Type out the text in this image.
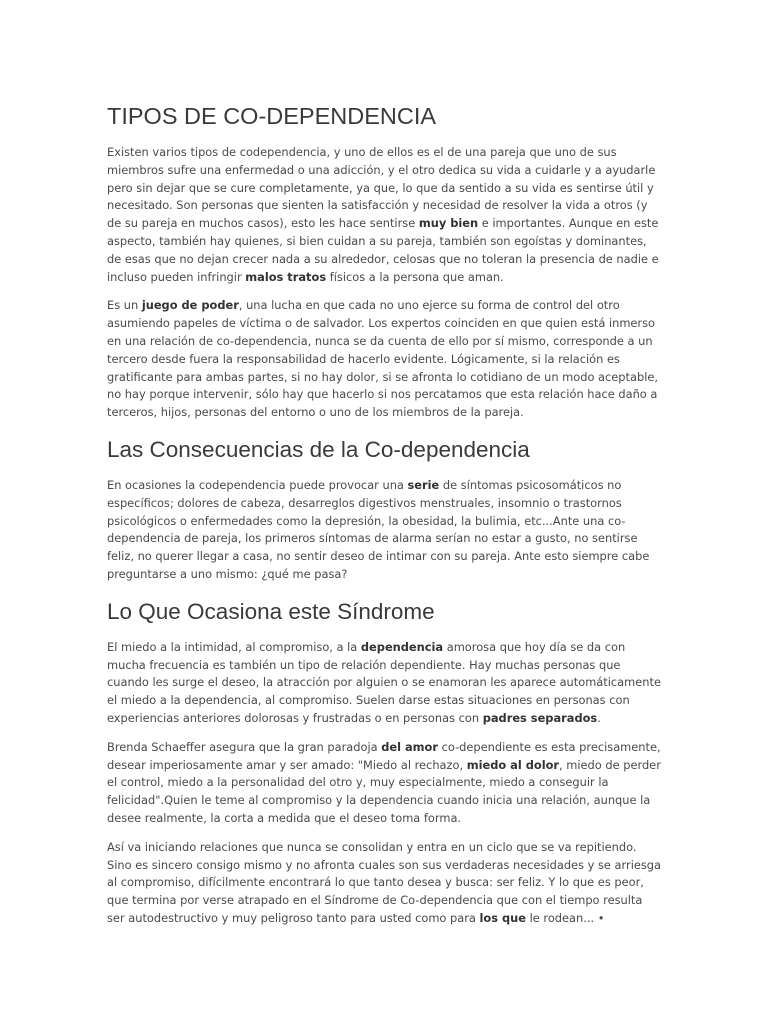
TIPOS DE CO-DEPENDENCIA

Existen varios tipos de codependencia, y uno de ellos es el de una pareja que uno de sus miembros sufre una enfermedad o una adicción, y el otro dedica su vida a cuidarle y a ayudarle pero sin dejar que se cure completamente, ya que, lo que da sentido a su vida es sentirse útil y necesitado. Son personas que sienten la satisfacción y necesidad de resolver la vida a otros (y de su pareja en muchos casos), esto les hace sentirse muy bien e importantes. Aunque en este aspecto, también hay quienes, si bien cuidan a su pareja, también son egoístas y dominantes, de esas que no dejan crecer nada a su alrededor, celosas que no toleran la presencia de nadie e incluso pueden infringir malos tratos físicos a la persona que aman.

Es un juego de poder, una lucha en que cada no uno ejerce su forma de control del otro asumiendo papeles de víctima o de salvador. Los expertos coinciden en que quien está inmerso en una relación de co-dependencia, nunca se da cuenta de ello por sí mismo, corresponde a un tercero desde fuera la responsabilidad de hacerlo evidente. Lógicamente, si la relación es gratificante para ambas partes, si no hay dolor, si se afronta lo cotidiano de un modo aceptable, no hay porque intervenir, sólo hay que hacerlo si nos percatamos que esta relación hace daño a terceros, hijos, personas del entorno o uno de los miembros de la pareja.

Las Consecuencias de la Co-dependencia

En ocasiones la codependencia puede provocar una serie de síntomas psicosomáticos no específicos; dolores de cabeza, desarreglos digestivos menstruales, insomnio o trastornos psicológicos o enfermedades como la depresión, la obesidad, la bulimia, etc...Ante una co-dependencia de pareja, los primeros síntomas de alarma serían no estar a gusto, no sentirse feliz, no querer llegar a casa, no sentir deseo de intimar con su pareja. Ante esto siempre cabe preguntarse a uno mismo: ¿qué me pasa?

Lo Que Ocasiona este Síndrome

El miedo a la intimidad, al compromiso, a la dependencia amorosa que hoy día se da con mucha frecuencia es también un tipo de relación dependiente. Hay muchas personas que cuando les surge el deseo, la atracción por alguien o se enamoran les aparece automáticamente el miedo a la dependencia, al compromiso. Suelen darse estas situaciones en personas con experiencias anteriores dolorosas y frustradas o en personas con padres separados.

Brenda Schaeffer asegura que la gran paradoja del amor co-dependiente es esta precisamente, desear imperiosamente amar y ser amado: "Miedo al rechazo, miedo al dolor, miedo de perder el control, miedo a la personalidad del otro y, muy especialmente, miedo a conseguir la felicidad".Quien le teme al compromiso y la dependencia cuando inicia una relación, aunque la desee realmente, la corta a medida que el deseo toma forma.

Así va iniciando relaciones que nunca se consolidan y entra en un ciclo que se va repitiendo. Sino es sincero consigo mismo y no afronta cuales son sus verdaderas necesidades y se arriesga al compromiso, difícilmente encontrará lo que tanto desea y busca: ser feliz. Y lo que es peor, que termina por verse atrapado en el Síndrome de Co-dependencia que con el tiempo resulta ser autodestructivo y muy peligroso tanto para usted como para los que le rodean... •
